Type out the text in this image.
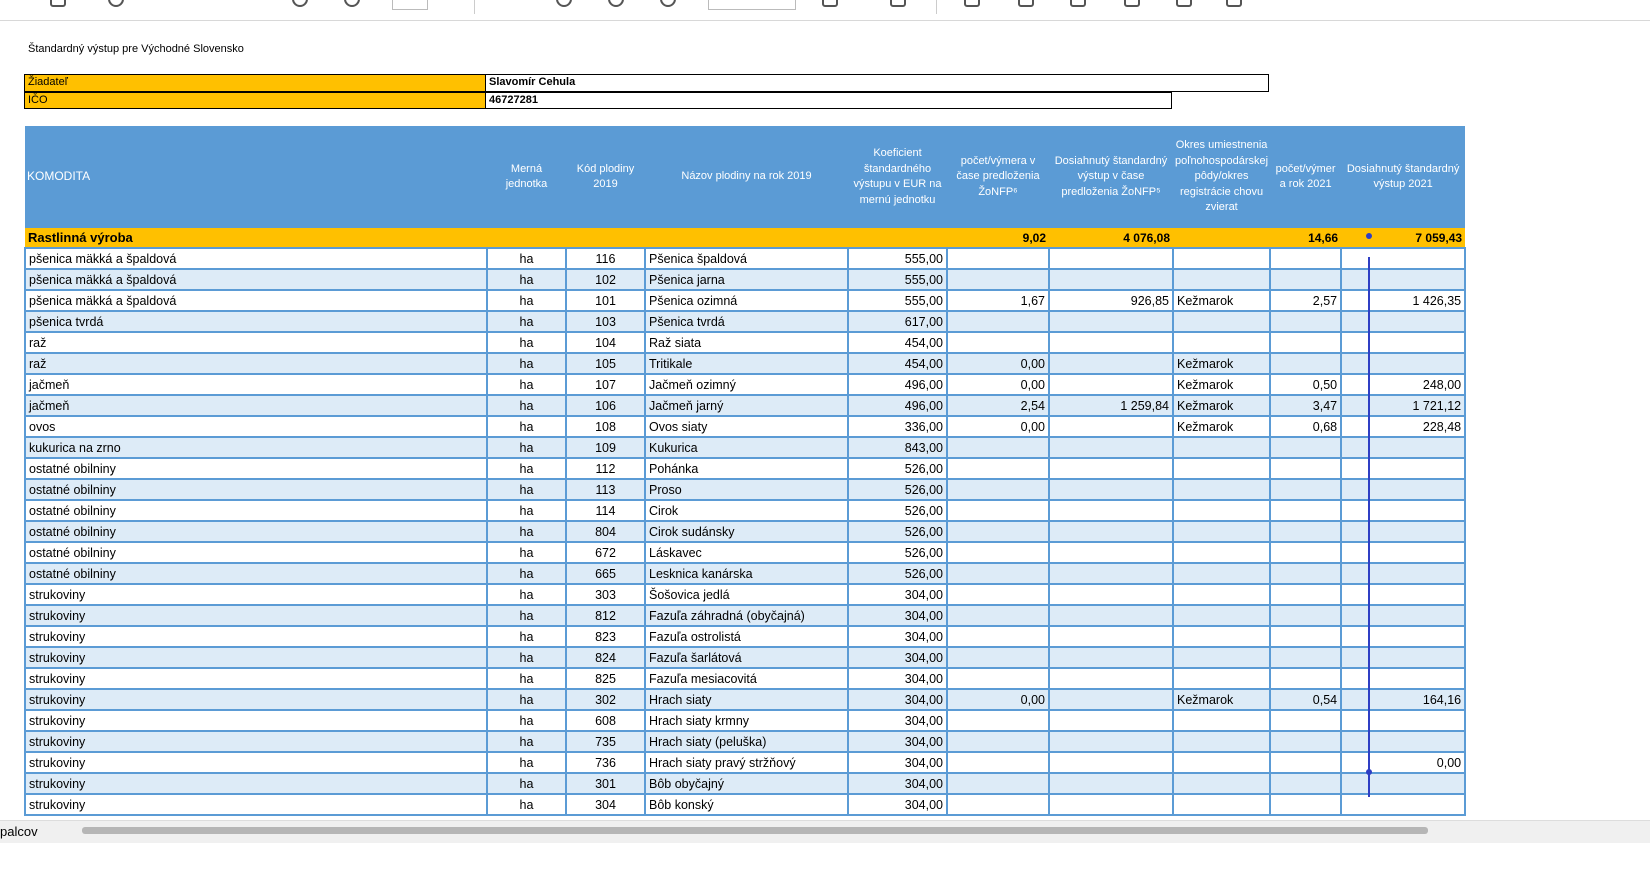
Štandardný výstup pre Východné Slovensko
Žiadateľ	Slavomír Cehula
IČO	46727281
KOMODITA	Merná jednotka	Kód plodiny 2019	Názov plodiny na rok 2019	Koeficient štandardného výstupu v EUR na mernú jednotku	počet/výmera v čase predloženia ŽoNFP⁶	Dosiahnutý štandardný výstup v čase predloženia ŽoNFP⁵	Okres umiestnenia poľnohospodárskej pôdy/okres registrácie chovu zvierat	počet/výmer a rok 2021	Dosiahnutý štandardný výstup 2021
Rastlinná výroba					9,02	4 076,08		14,66	7 059,43
pšenica mäkká a špaldová	ha	116	Pšenica špaldová	555,00					
pšenica mäkká a špaldová	ha	102	Pšenica jarna	555,00					
pšenica mäkká a špaldová	ha	101	Pšenica ozimná	555,00	1,67	926,85	Kežmarok	2,57	1 426,35
pšenica tvrdá	ha	103	Pšenica tvrdá	617,00					
raž	ha	104	Raž siata	454,00					
raž	ha	105	Tritikale	454,00	0,00		Kežmarok		
jačmeň	ha	107	Jačmeň ozimný	496,00	0,00		Kežmarok	0,50	248,00
jačmeň	ha	106	Jačmeň jarný	496,00	2,54	1 259,84	Kežmarok	3,47	1 721,12
ovos	ha	108	Ovos siaty	336,00	0,00		Kežmarok	0,68	228,48
kukurica na zrno	ha	109	Kukurica	843,00					
ostatné obilniny	ha	112	Pohánka	526,00					
ostatné obilniny	ha	113	Proso	526,00					
ostatné obilniny	ha	114	Cirok	526,00					
ostatné obilniny	ha	804	Cirok sudánsky	526,00					
ostatné obilniny	ha	672	Láskavec	526,00					
ostatné obilniny	ha	665	Lesknica kanárska	526,00					
strukoviny	ha	303	Šošovica jedlá	304,00					
strukoviny	ha	812	Fazuľa záhradná (obyčajná)	304,00					
strukoviny	ha	823	Fazuľa ostrolistá	304,00					
strukoviny	ha	824	Fazuľa šarlátová	304,00					
strukoviny	ha	825	Fazuľa mesiacovitá	304,00					
strukoviny	ha	302	Hrach siaty	304,00	0,00		Kežmarok	0,54	164,16
strukoviny	ha	608	Hrach siaty krmny	304,00					
strukoviny	ha	735	Hrach siaty (peluška)	304,00					
strukoviny	ha	736	Hrach siaty pravý stržňový	304,00					0,00
strukoviny	ha	301	Bôb obyčajný	304,00					
strukoviny	ha	304	Bôb konský	304,00					
palcov
